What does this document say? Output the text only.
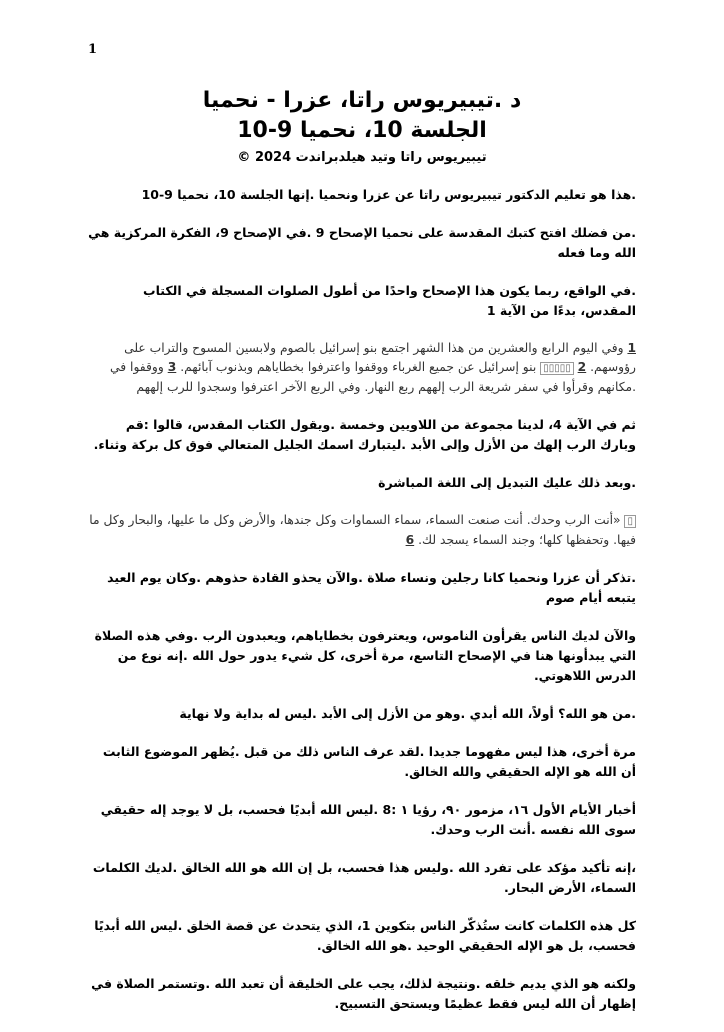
1
د .تيبيريوس راتا، عزرا - نحميا
الجلسة 10، نحميا 9-10
تيبيريوس راتا وتيد هيلدبراندت 2024 ©

.هذا هو تعليم الدكتور تيبيريوس راتا عن عزرا ونحميا .إنها الجلسة 10، نحميا 9-10

.من فضلك افتح كتبك المقدسة على نحميا الإصحاح 9 .في الإصحاح 9، الفكرة المركزية هي الله وما فعله

.في الواقع، ربما يكون هذا الإصحاح واحدًا من أطول الصلوات المسجلة في الكتاب المقدس، بدءًا من الآية 1

1 وفي اليوم الرابع والعشرين من هذا الشهر اجتمع بنو إسرائيل بالصوم ولابسين المسوح والتراب على رؤوسهم. 2 ▯▯▯▯▯ بنو إسرائيل عن جميع الغرباء ووقفوا واعترفوا بخطاياهم وبذنوب آبائهم. 3 ووقفوا في .مكانهم وقرأوا في سفر شريعة الرب إلههم ربع النهار. وفي الربع الآخر اعترفوا وسجدوا للرب إلههم

ثم في الآية 4، لدينا مجموعة من اللاويين وخمسة .ويقول الكتاب المقدس، قالوا :قم وبارك الرب إلهك من الأزل وإلى الأبد .ليتبارك اسمك الجليل المتعالي فوق كل بركة وثناء.

.وبعد ذلك عليك التبديل إلى اللغة المباشرة

▯ «أنت الرب وحدك. أنت صنعت السماء، سماء السماوات وكل جندها، والأرض وكل ما عليها، والبحار وكل ما فيها. وتحفظها كلها؛ وجند السماء يسجد لك. 6

.تذكر أن عزرا ونحميا كانا رجلين ونساء صلاة .والآن يحذو القادة حذوهم .وكان يوم العيد يتبعه أيام صوم

والآن لديك الناس يقرأون الناموس، ويعترفون بخطاياهم، ويعبدون الرب .وفي هذه الصلاة التي يبدأونها هنا في الإصحاح التاسع، مرة أخرى، كل شيء يدور حول الله .إنه نوع من الدرس اللاهوتي.

.من هو الله؟ أولاً، الله أبدي .وهو من الأزل إلى الأبد .ليس له بداية ولا نهاية

مرة أخرى، هذا ليس مفهوما جديدا .لقد عرف الناس ذلك من قبل .يُظهر الموضوع الثابت أن الله هو الإله الحقيقي والله الخالق.

أخبار الأيام الأول ١٦، مزمور ٩٠، رؤيا ١ :8 .ليس الله أبديًا فحسب، بل لا يوجد إله حقيقي سوى الله نفسه .أنت الرب وحدك.

،إنه تأكيد مؤكد على تفرد الله .وليس هذا فحسب، بل إن الله هو الله الخالق .لديك الكلمات السماء، الأرض البحار.

كل هذه الكلمات كانت ستُذكّر الناس بتكوين 1، الذي يتحدث عن قصة الخلق .ليس الله أبديًا فحسب، بل هو الإله الحقيقي الوحيد .هو الله الخالق.

ولكنه هو الذي يديم خلقه .ونتيجة لذلك، يجب على الخليقة أن تعبد الله .وتستمر الصلاة في إظهار أن الله ليس فقط عظيمًا ويستحق التسبيح.
